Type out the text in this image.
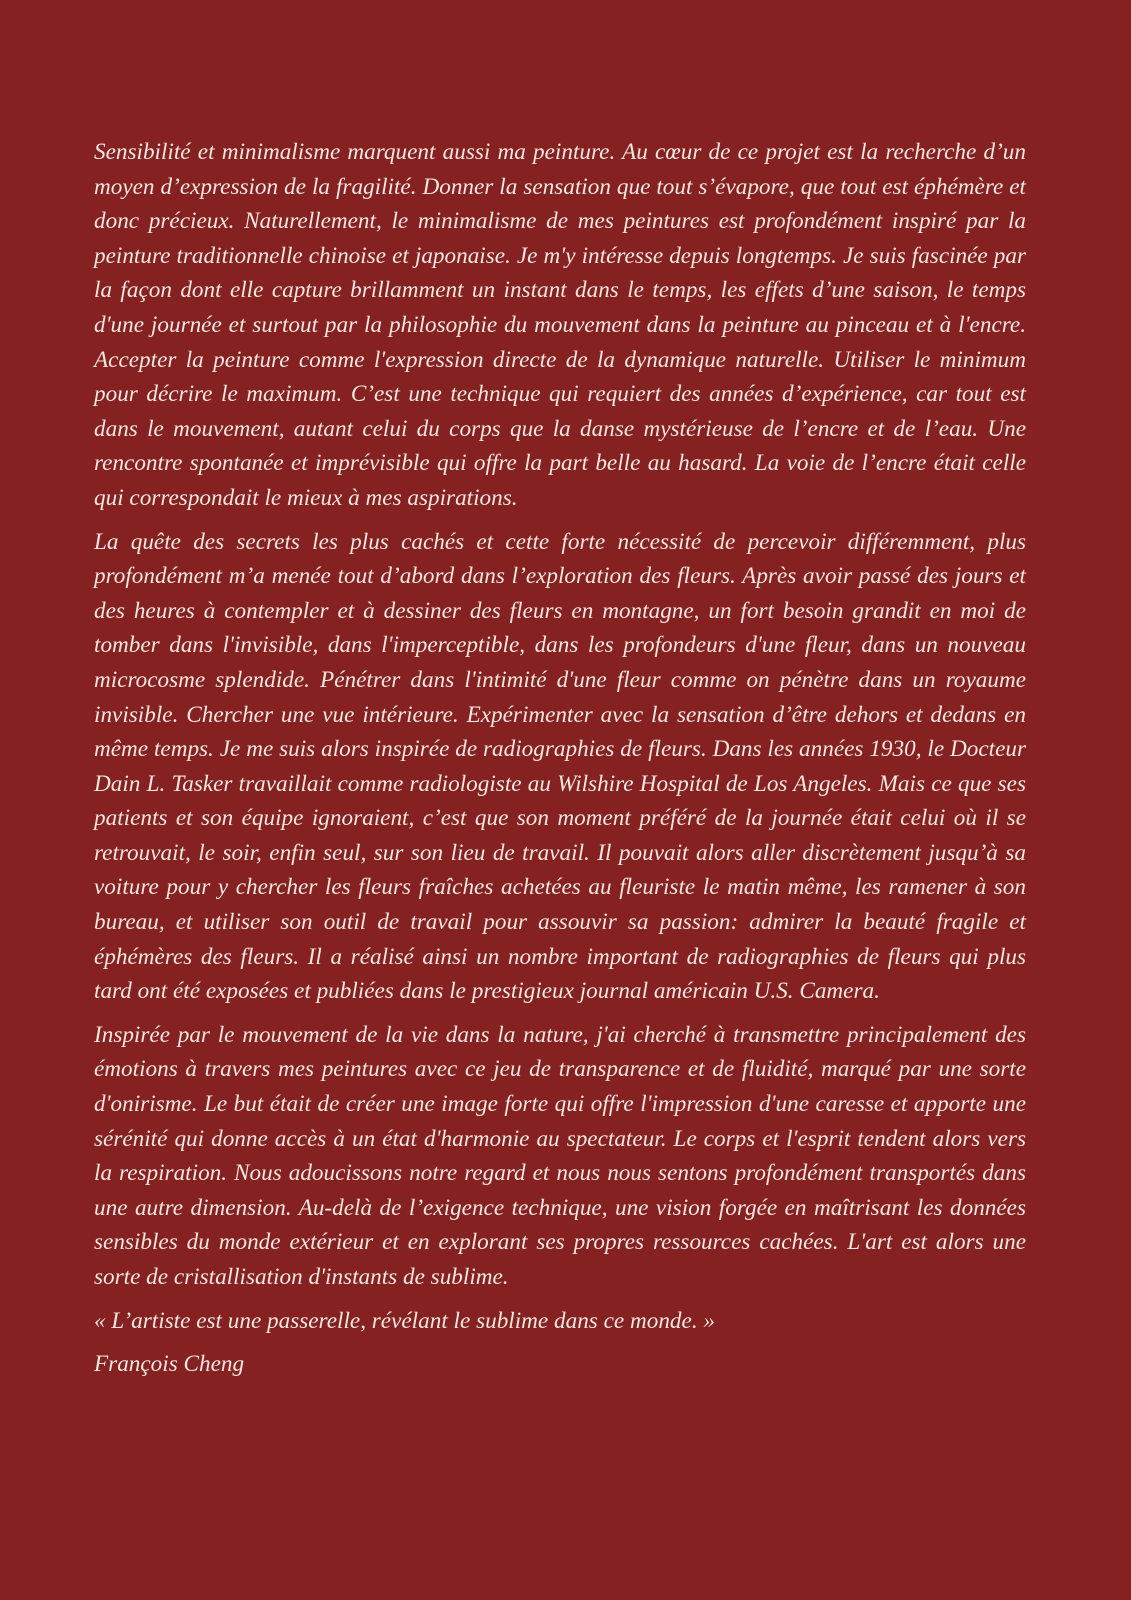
Sensibilité et minimalisme marquent aussi ma peinture. Au cœur de ce projet est la recherche d’un moyen d’expression de la fragilité. Donner la sensation que tout s’évapore, que tout est éphémère et donc précieux. Naturellement, le minimalisme de mes peintures est profondément inspiré par la peinture traditionnelle chinoise et japonaise. Je m'y intéresse depuis longtemps. Je suis fascinée par la façon dont elle capture brillamment un instant dans le temps, les effets d’une saison, le temps d'une journée et surtout par la philosophie du mouvement dans la peinture au pinceau et à l'encre. Accepter la peinture comme l'expression directe de la dynamique naturelle. Utiliser le minimum pour décrire le maximum. C’est une technique qui requiert des années d’expérience, car tout est dans le mouvement, autant celui du corps que la danse mystérieuse de l’encre et de l’eau. Une rencontre spontanée et imprévisible qui offre la part belle au hasard. La voie de l’encre était celle qui correspondait le mieux à mes aspirations.

La quête des secrets les plus cachés et cette forte nécessité de percevoir différemment, plus profondément m’a menée tout d’abord dans l’exploration des fleurs. Après avoir passé des jours et des heures à contempler et à dessiner des fleurs en montagne, un fort besoin grandit en moi de tomber dans l'invisible, dans l'imperceptible, dans les profondeurs d'une fleur, dans un nouveau microcosme splendide. Pénétrer dans l'intimité d'une fleur comme on pénètre dans un royaume invisible. Chercher une vue intérieure. Expérimenter avec la sensation d’être dehors et dedans en même temps. Je me suis alors inspirée de radiographies de fleurs. Dans les années 1930, le Docteur Dain L. Tasker travaillait comme radiologiste au Wilshire Hospital de Los Angeles. Mais ce que ses patients et son équipe ignoraient, c’est que son moment préféré de la journée était celui où il se retrouvait, le soir, enfin seul, sur son lieu de travail. Il pouvait alors aller discrètement jusqu’à sa voiture pour y chercher les fleurs fraîches achetées au fleuriste le matin même, les ramener à son bureau, et utiliser son outil de travail pour assouvir sa passion: admirer la beauté fragile et éphémères des fleurs. Il a réalisé ainsi un nombre important de radiographies de fleurs qui plus tard ont été exposées et publiées dans le prestigieux journal américain U.S. Camera.

Inspirée par le mouvement de la vie dans la nature, j'ai cherché à transmettre principalement des émotions à travers mes peintures avec ce jeu de transparence et de fluidité, marqué par une sorte d'onirisme. Le but était de créer une image forte qui offre l'impression d'une caresse et apporte une sérénité qui donne accès à un état d'harmonie au spectateur. Le corps et l'esprit tendent alors vers la respiration. Nous adoucissons notre regard et nous nous sentons profondément transportés dans une autre dimension. Au-delà de l’exigence technique, une vision forgée en maîtrisant les données sensibles du monde extérieur et en explorant ses propres ressources cachées. L'art est alors une sorte de cristallisation d'instants de sublime.

« L’artiste est une passerelle, révélant le sublime dans ce monde. »

François Cheng
